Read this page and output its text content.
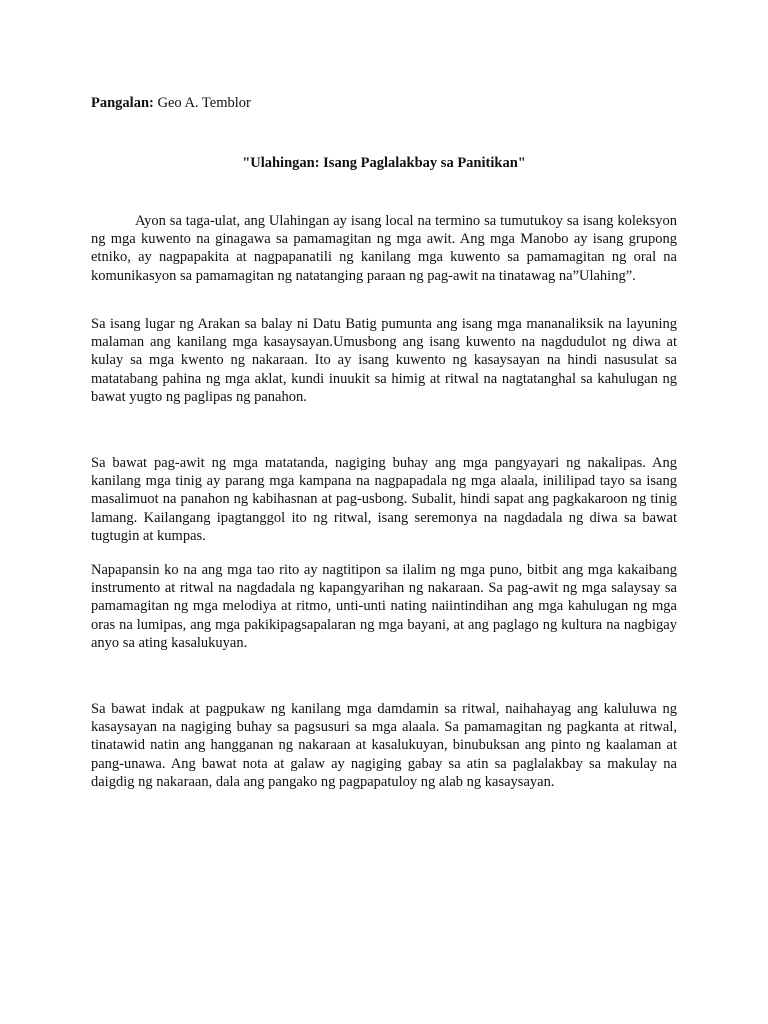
Pangalan: Geo A. Temblor
"Ulahingan: Isang Paglalakbay sa Panitikan"

Ayon sa taga-ulat, ang Ulahingan ay isang local na termino sa tumutukoy sa isang koleksyon ng mga kuwento na ginagawa sa pamamagitan ng mga awit. Ang mga Manobo ay isang grupong etniko, ay nagpapakita at nagpapanatili ng kanilang mga kuwento sa pamamagitan ng oral na komunikasyon sa pamamagitan ng natatanging paraan ng pag-awit na tinatawag na”Ulahing”.

Sa isang lugar ng Arakan sa balay ni Datu Batig pumunta ang isang mga mananaliksik na layuning malaman ang kanilang mga kasaysayan.Umusbong ang isang kuwento na nagdudulot ng diwa at kulay sa mga kwento ng nakaraan. Ito ay isang kuwento ng kasaysayan na hindi nasusulat sa matatabang pahina ng mga aklat, kundi inuukit sa himig at ritwal na nagtatanghal sa kahulugan ng bawat yugto ng paglipas ng panahon.

Sa bawat pag-awit ng mga matatanda, nagiging buhay ang mga pangyayari ng nakalipas. Ang kanilang mga tinig ay parang mga kampana na nagpapadala ng mga alaala, inililipad tayo sa isang masalimuot na panahon ng kabihasnan at pag-usbong. Subalit, hindi sapat ang pagkakaroon ng tinig lamang. Kailangang ipagtanggol ito ng ritwal, isang seremonya na nagdadala ng diwa sa bawat tugtugin at kumpas.

Napapansin ko na ang mga tao rito ay nagtitipon sa ilalim ng mga puno, bitbit ang mga kakaibang instrumento at ritwal na nagdadala ng kapangyarihan ng nakaraan. Sa pag-awit ng mga salaysay sa pamamagitan ng mga melodiya at ritmo, unti-unti nating naiintindihan ang mga kahulugan ng mga oras na lumipas, ang mga pakikipagsapalaran ng mga bayani, at ang paglago ng kultura na nagbigay anyo sa ating kasalukuyan.

Sa bawat indak at pagpukaw ng kanilang mga damdamin sa ritwal, naihahayag ang kaluluwa ng kasaysayan na nagiging buhay sa pagsusuri sa mga alaala. Sa pamamagitan ng pagkanta at ritwal, tinatawid natin ang hangganan ng nakaraan at kasalukuyan, binubuksan ang pinto ng kaalaman at pang-unawa. Ang bawat nota at galaw ay nagiging gabay sa atin sa paglalakbay sa makulay na daigdig ng nakaraan, dala ang pangako ng pagpapatuloy ng alab ng kasaysayan.
